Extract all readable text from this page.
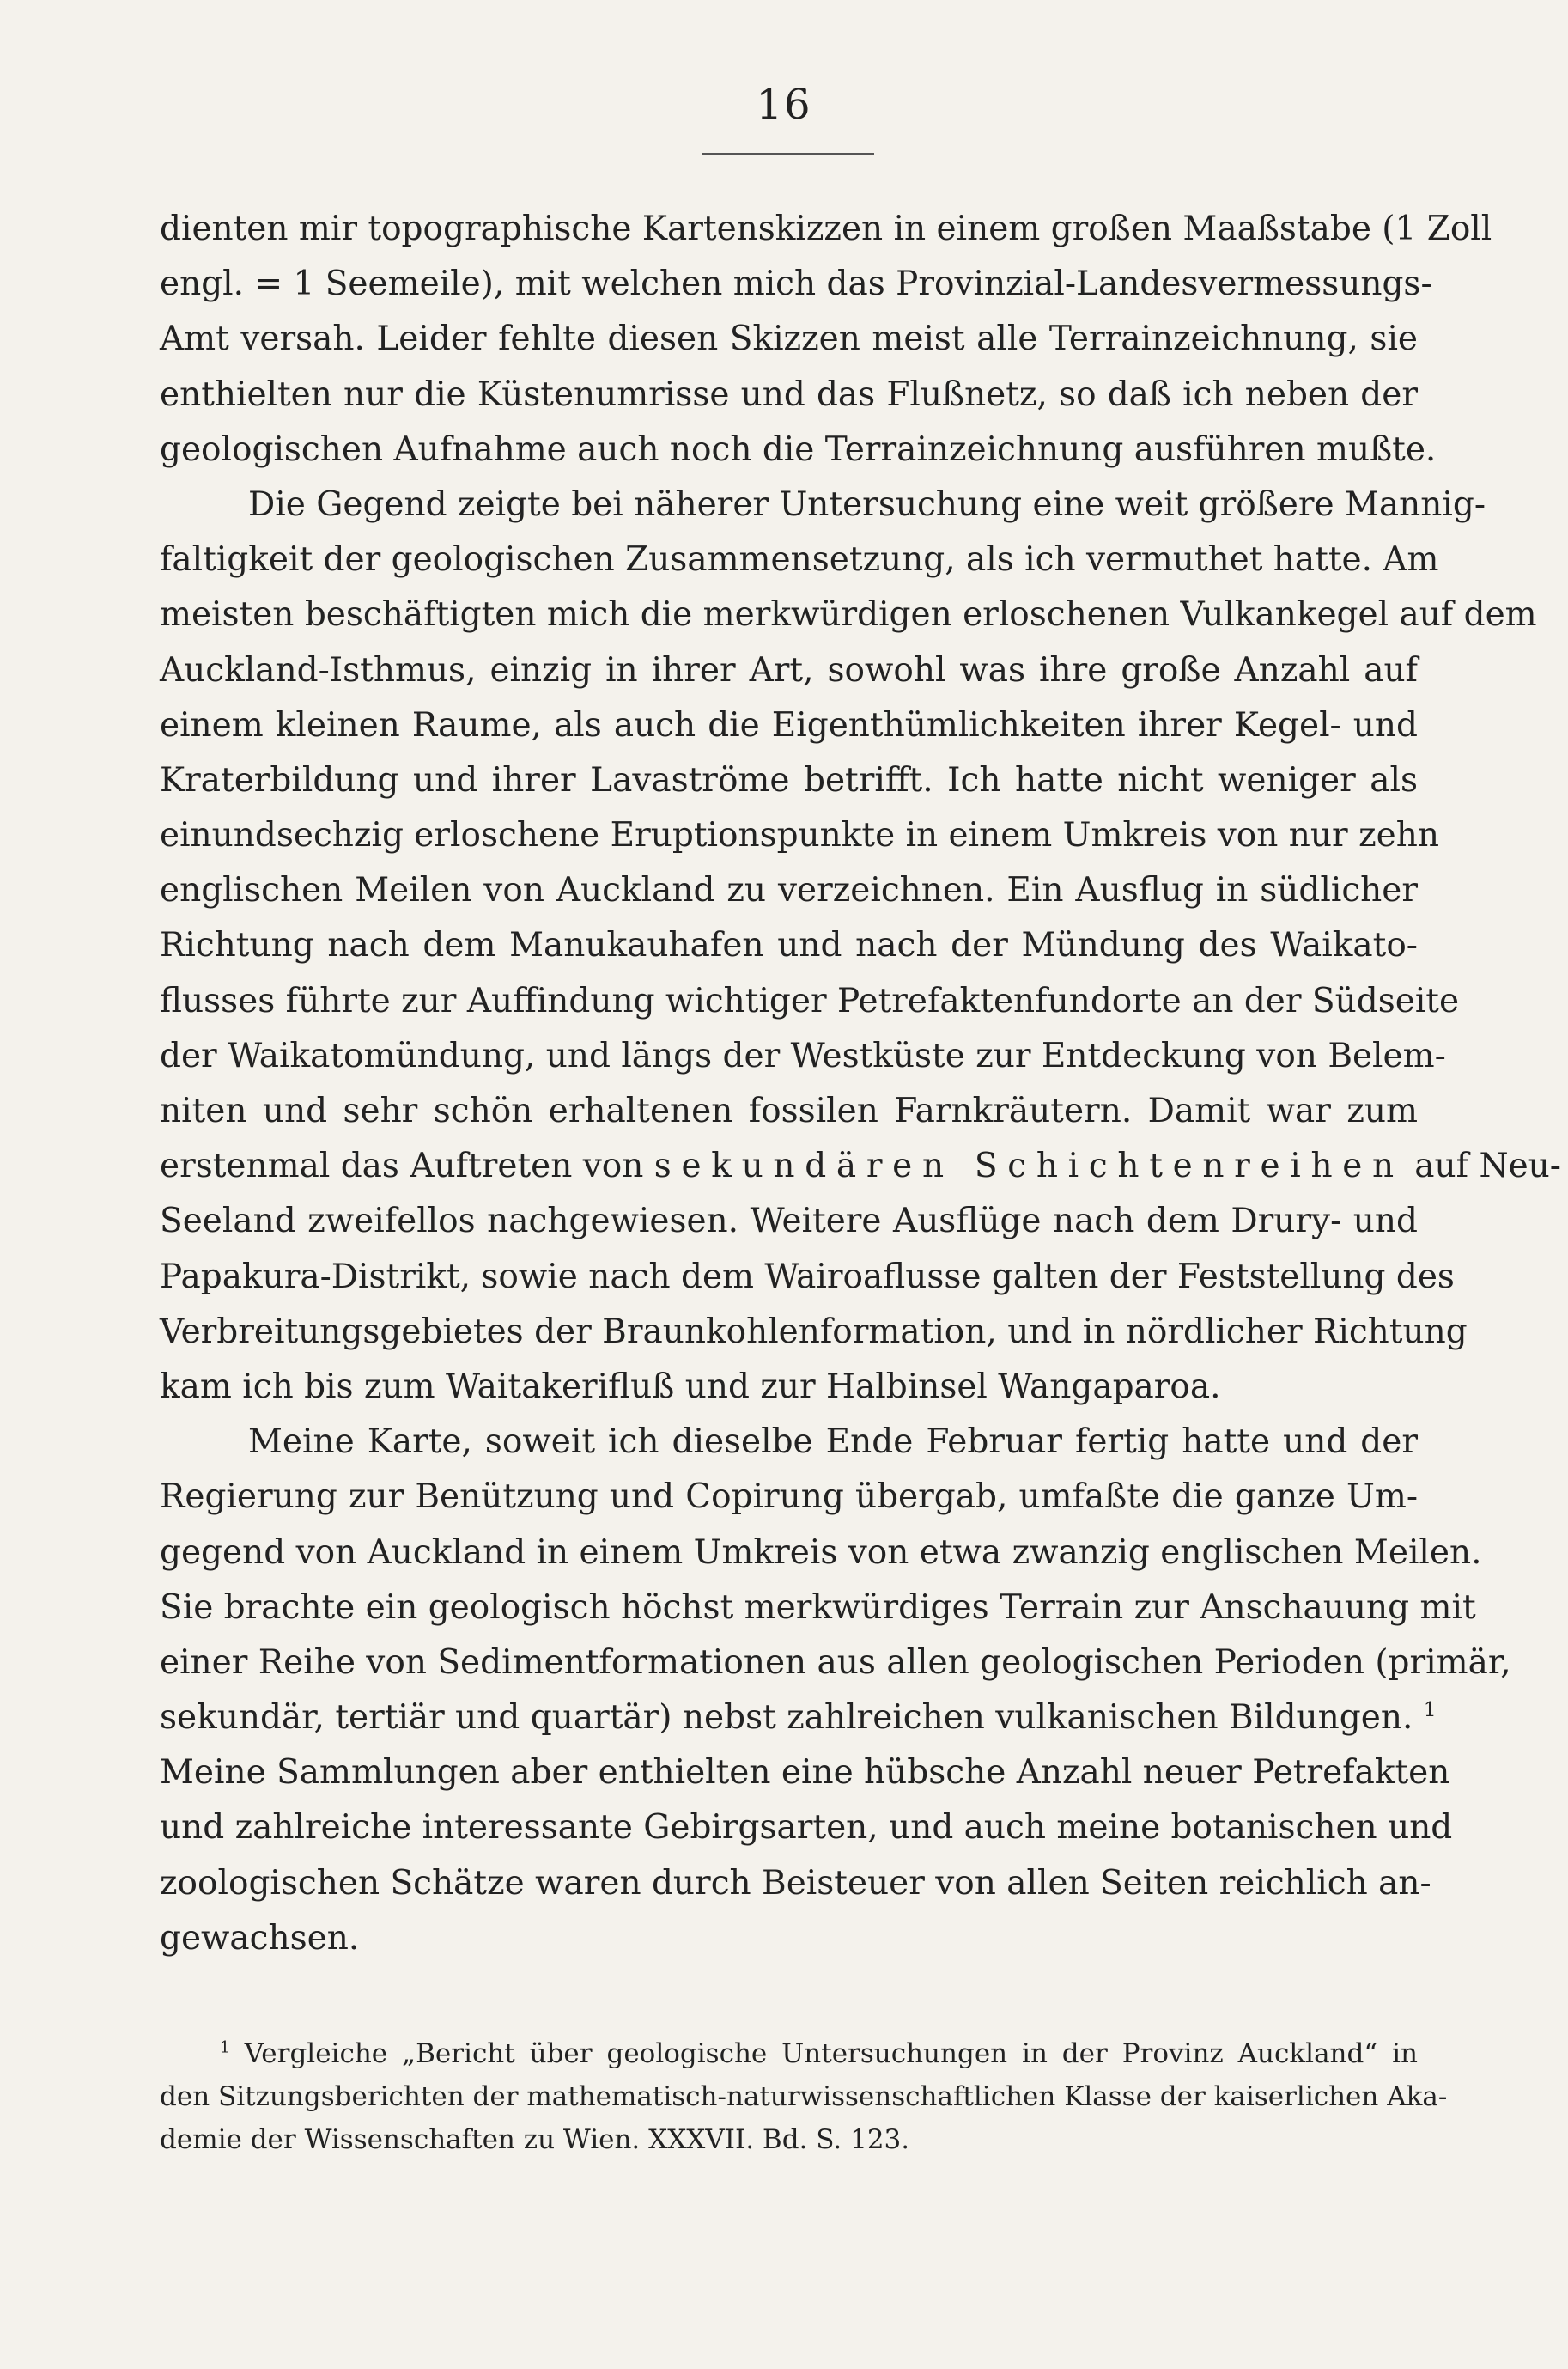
16
dienten mir topographische Kartenskizzen in einem großen Maaßstabe (1 Zoll
engl. = 1 Seemeile), mit welchen mich das Provinzial-Landesvermessungs-
Amt versah. Leider fehlte diesen Skizzen meist alle Terrainzeichnung, sie
enthielten nur die Küstenumrisse und das Flußnetz, so daß ich neben der
geologischen Aufnahme auch noch die Terrainzeichnung ausführen mußte.
Die Gegend zeigte bei näherer Untersuchung eine weit größere Mannig-
faltigkeit der geologischen Zusammensetzung, als ich vermuthet hatte. Am
meisten beschäftigten mich die merkwürdigen erloschenen Vulkankegel auf dem
Auckland-Isthmus, einzig in ihrer Art, sowohl was ihre große Anzahl auf
einem kleinen Raume, als auch die Eigenthümlichkeiten ihrer Kegel- und
Kraterbildung und ihrer Lavaströme betrifft. Ich hatte nicht weniger als
einundsechzig erloschene Eruptionspunkte in einem Umkreis von nur zehn
englischen Meilen von Auckland zu verzeichnen. Ein Ausflug in südlicher
Richtung nach dem Manukauhafen und nach der Mündung des Waikato-
flusses führte zur Auffindung wichtiger Petrefaktenfundorte an der Südseite
der Waikatomündung, und längs der Westküste zur Entdeckung von Belem-
niten und sehr schön erhaltenen fossilen Farnkräutern. Damit war zum
erstenmal das Auftreten von sekundären Schichtenreihen auf Neu-
Seeland zweifellos nachgewiesen. Weitere Ausflüge nach dem Drury- und
Papakura-Distrikt, sowie nach dem Wairoaflusse galten der Feststellung des
Verbreitungsgebietes der Braunkohlenformation, und in nördlicher Richtung
kam ich bis zum Waitakerifluß und zur Halbinsel Wangaparoa.
Meine Karte, soweit ich dieselbe Ende Februar fertig hatte und der
Regierung zur Benützung und Copirung übergab, umfaßte die ganze Um-
gegend von Auckland in einem Umkreis von etwa zwanzig englischen Meilen.
Sie brachte ein geologisch höchst merkwürdiges Terrain zur Anschauung mit
einer Reihe von Sedimentformationen aus allen geologischen Perioden (primär,
sekundär, tertiär und quartär) nebst zahlreichen vulkanischen Bildungen. $^1$
Meine Sammlungen aber enthielten eine hübsche Anzahl neuer Petrefakten
und zahlreiche interessante Gebirgsarten, und auch meine botanischen und
zoologischen Schätze waren durch Beisteuer von allen Seiten reichlich an-
gewachsen.
$^1$ Vergleiche „Bericht über geologische Untersuchungen in der Provinz Auckland“ in
den Sitzungsberichten der mathematisch-naturwissenschaftlichen Klasse der kaiserlichen Aka-
demie der Wissenschaften zu Wien. XXXVII. Bd. S. 123.
